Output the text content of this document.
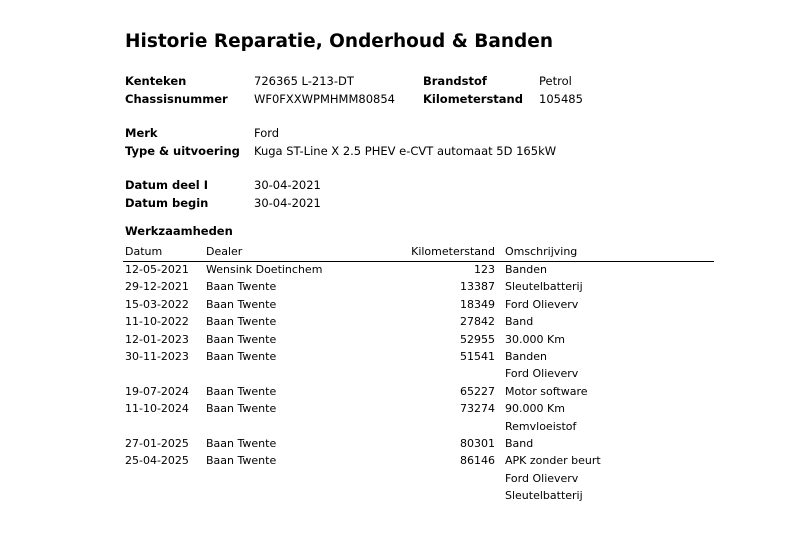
Historie Reparatie, Onderhoud & Banden
Kenteken	726365 L-213-DT	Brandstof	Petrol
Chassisnummer WF0FXXWPMHMM80854 Kilometerstand 105485
Merk	Ford
Type & uitvoering Kuga ST-Line X 2.5 PHEV e-CVT automaat 5D 165kW
Datum deel I	30-04-2021
Datum begin	30-04-2021
Werkzaamheden
Datum	Dealer	Kilometerstand Omschrijving
12-05-2021 Wensink Doetinchem	123 Banden
29-12-2021 Baan Twente	13387 Sleutelbatterij
15-03-2022 Baan Twente	18349 Ford Olieverv
11-10-2022 Baan Twente	27842 Band
12-01-2023 Baan Twente	52955 30.000 Km
30-11-2023 Baan Twente	51541 Banden
Ford Olieverv
19-07-2024 Baan Twente	65227 Motor software
11-10-2024 Baan Twente	73274 90.000 Km
Remvloeistof
27-01-2025 Baan Twente	80301 Band
25-04-2025 Baan Twente	86146 APK zonder beurt
Ford Olieverv
Sleutelbatterij
